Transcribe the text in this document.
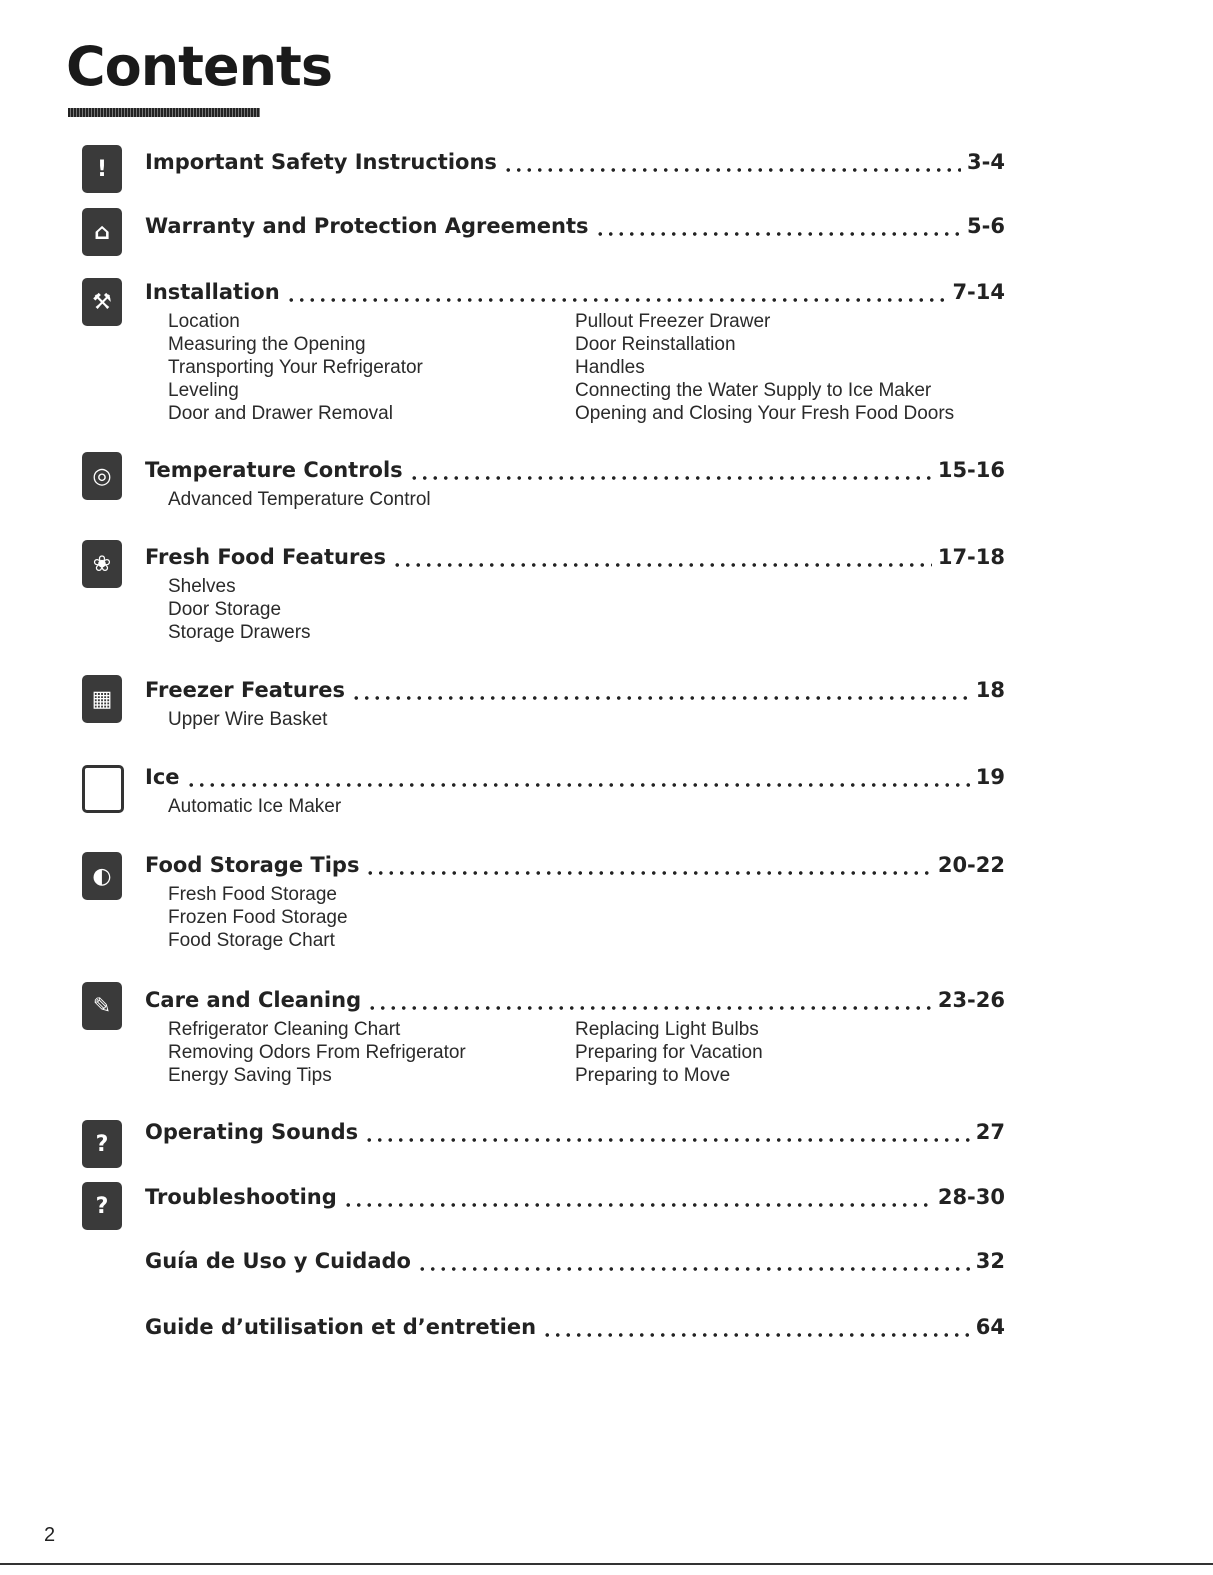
Contents
!	Important Safety Instructions	3-4
⌂	Warranty and Protection Agreements	5-6
⚒	Installation	7-14
Location
Measuring the Opening
Transporting Your Refrigerator
Leveling
Door and Drawer Removal
Pullout Freezer Drawer
Door Reinstallation
Handles
Connecting the Water Supply to Ice Maker
Opening and Closing Your Fresh Food Doors
◎	Temperature Controls	15-16
Advanced Temperature Control
❀	Fresh Food Features	17-18
Shelves
Door Storage
Storage Drawers
▦	Freezer Features	18
Upper Wire Basket
Ice	19
Automatic Ice Maker
◐	Food Storage Tips	20-22
Fresh Food Storage
Frozen Food Storage
Food Storage Chart
✎	Care and Cleaning	23-26
Refrigerator Cleaning Chart
Removing Odors From Refrigerator
Energy Saving Tips
Replacing Light Bulbs
Preparing for Vacation
Preparing to Move
?	Operating Sounds	27
?	Troubleshooting	28-30
Guía de Uso y Cuidado	32
Guide d’utilisation et d’entretien	64
2
